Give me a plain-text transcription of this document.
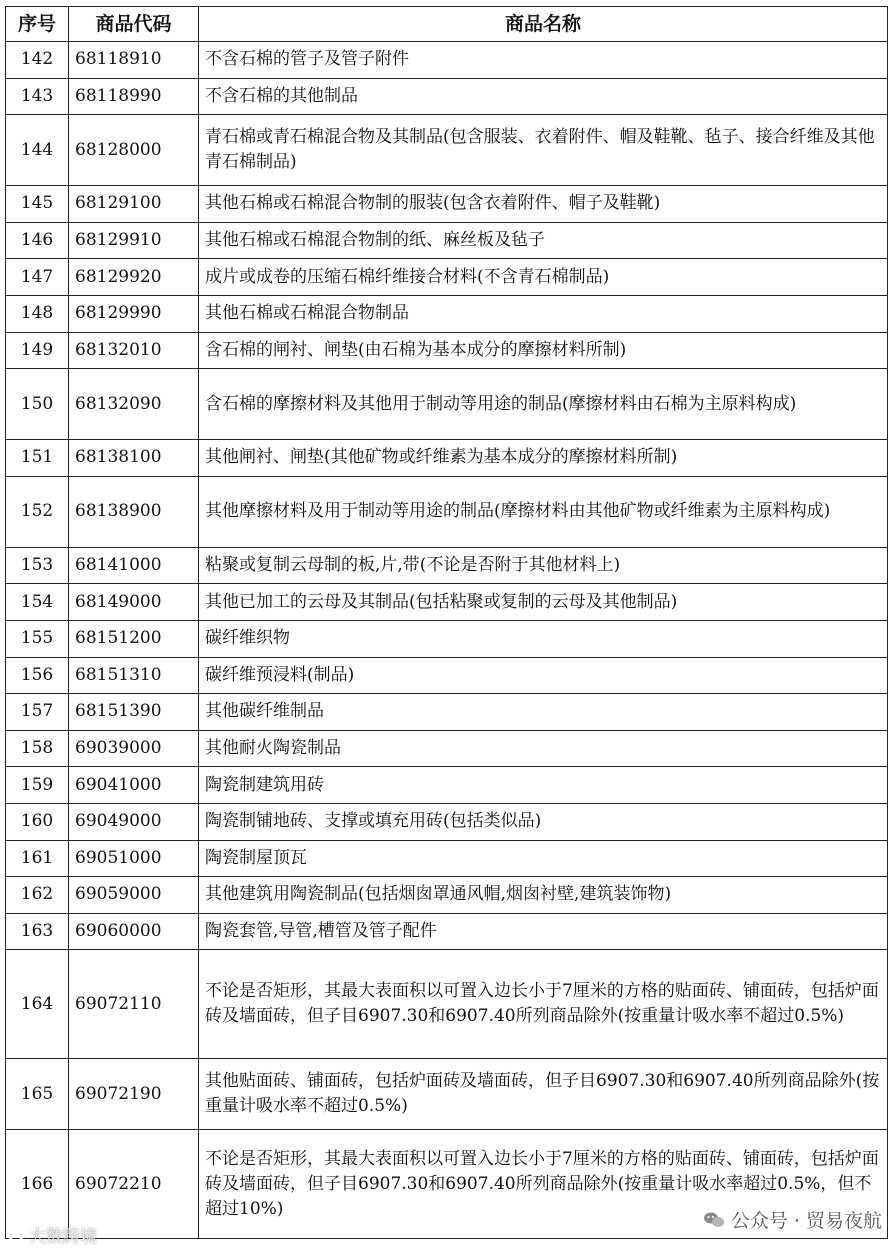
序号	商品代码	商品名称
142	68118910	不含石棉的管子及管子附件
143	68118990	不含石棉的其他制品
144	68128000	青石棉或青石棉混合物及其制品(包含服装、衣着附件、帽及鞋靴、毡子、接合纤维及其他青石棉制品)
145	68129100	其他石棉或石棉混合物制的服装(包含衣着附件、帽子及鞋靴)
146	68129910	其他石棉或石棉混合物制的纸、麻丝板及毡子
147	68129920	成片或成卷的压缩石棉纤维接合材料(不含青石棉制品)
148	68129990	其他石棉或石棉混合物制品
149	68132010	含石棉的闸衬、闸垫(由石棉为基本成分的摩擦材料所制)
150	68132090	含石棉的摩擦材料及其他用于制动等用途的制品(摩擦材料由石棉为主原料构成)
151	68138100	其他闸衬、闸垫(其他矿物或纤维素为基本成分的摩擦材料所制)
152	68138900	其他摩擦材料及用于制动等用途的制品(摩擦材料由其他矿物或纤维素为主原料构成)
153	68141000	粘聚或复制云母制的板,片,带(不论是否附于其他材料上)
154	68149000	其他已加工的云母及其制品(包括粘聚或复制的云母及其他制品)
155	68151200	碳纤维织物
156	68151310	碳纤维预浸料(制品)
157	68151390	其他碳纤维制品
158	69039000	其他耐火陶瓷制品
159	69041000	陶瓷制建筑用砖
160	69049000	陶瓷制铺地砖、支撑或填充用砖(包括类似品)
161	69051000	陶瓷制屋顶瓦
162	69059000	其他建筑用陶瓷制品(包括烟囱罩通风帽,烟囱衬壁,建筑装饰物)
163	69060000	陶瓷套管,导管,槽管及管子配件
164	69072110	不论是否矩形，其最大表面积以可置入边长小于7厘米的方格的贴面砖、铺面砖，包括炉面砖及墙面砖，但子目6907.30和6907.40所列商品除外(按重量计吸水率不超过0.5%)
165	69072190	其他贴面砖、铺面砖，包括炉面砖及墙面砖，但子目6907.30和6907.40所列商品除外(按重量计吸水率不超过0.5%)
166	69072210	不论是否矩形，其最大表面积以可置入边长小于7厘米的方格的贴面砖、铺面砖，包括炉面砖及墙面砖，但子目6907.30和6907.40所列商品除外(按重量计吸水率超过0.5%，但不超过10%)
大数跨境
公众号 · 贸易夜航
